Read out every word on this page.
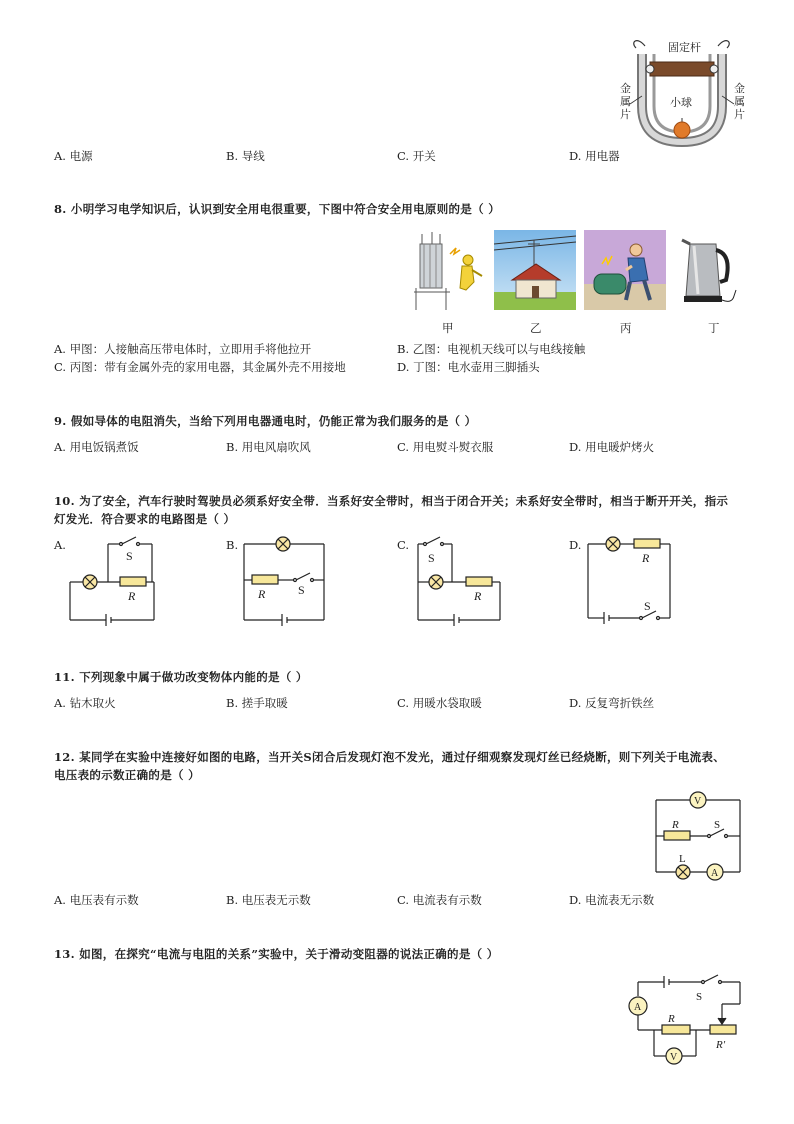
固定杆
小球
金
属
片
金
属
片
A. 电源	B. 导线	C. 开关	D. 用电器
8. 小明学习电学知识后，认识到安全用电很重要，下图中符合安全用电原则的是（ ）
甲	乙	丙	丁
A. 甲图：人接触高压带电体时，立即用手将他拉开	B. 乙图：电视机天线可以与电线接触
C. 丙图：带有金属外壳的家用电器，其金属外壳不用接地	D. 丁图：电水壶用三脚插头
9. 假如导体的电阻消失，当给下列用电器通电时，仍能正常为我们服务的是（ ）
A. 用电饭锅煮饭	B. 用电风扇吹风	C. 用电熨斗熨衣服	D. 用电暖炉烤火
10. 为了安全，汽车行驶时驾驶员必须系好安全带．当系好安全带时，相当于闭合开关；未系好安全带时，相当于断开开关，指示
灯发光．符合要求的电路图是（ ）
A.	B.	C.	D.
S
R	R	S
S
R
R
S
11. 下列现象中属于做功改变物体内能的是（ ）
A. 钻木取火	B. 搓手取暖	C. 用暖水袋取暖	D. 反复弯折铁丝
12. 某同学在实验中连接好如图的电路，当开关S闭合后发现灯泡不发光，通过仔细观察发现灯丝已经烧断，则下列关于电流表、
电压表的示数正确的是（ ）
V
R	S
A
L
A. 电压表有示数	B. 电压表无示数	C. 电流表有示数	D. 电流表无示数
13. 如图，在探究“电流与电阻的关系”实验中，关于滑动变阻器的说法正确的是（ ）
S
A
R
R′
V
